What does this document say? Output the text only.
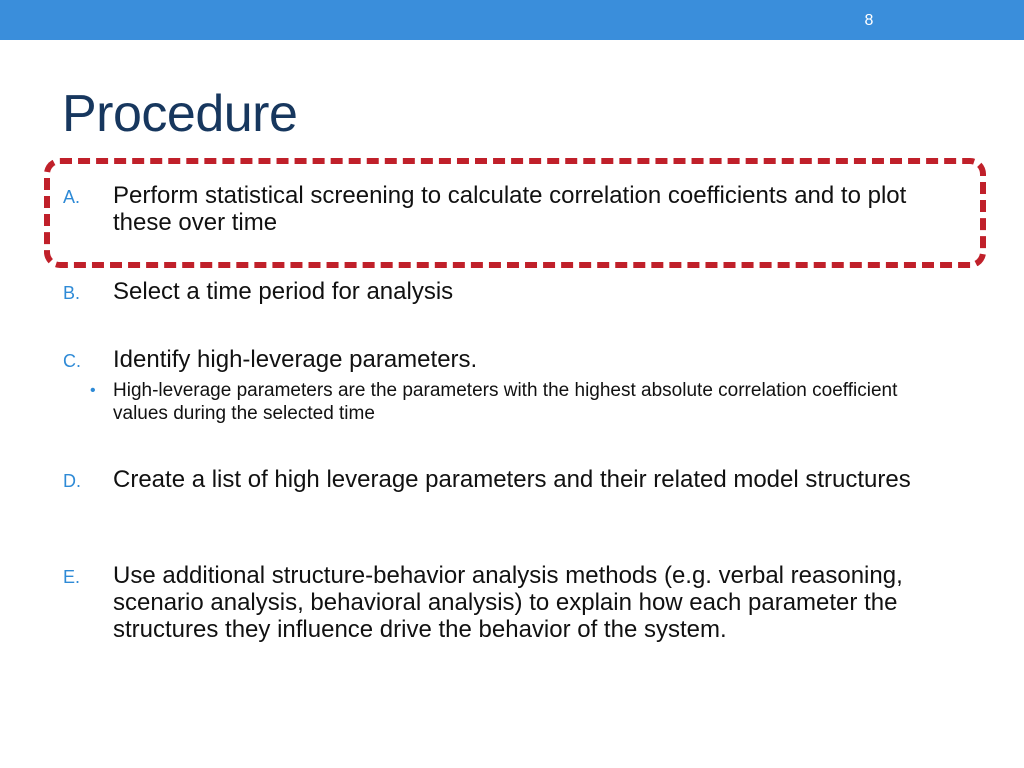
8
Procedure
A. Perform statistical screening to calculate correlation coefficients and to plot these over time
B. Select a time period for analysis
C. Identify high-leverage parameters.
• High-leverage parameters are the parameters with the highest absolute correlation coefficient values during the selected time
D. Create a list of high leverage parameters and their related model structures
E. Use additional structure-behavior analysis methods (e.g. verbal reasoning, scenario analysis, behavioral analysis) to explain how each parameter the structures they influence drive the behavior of the system.
